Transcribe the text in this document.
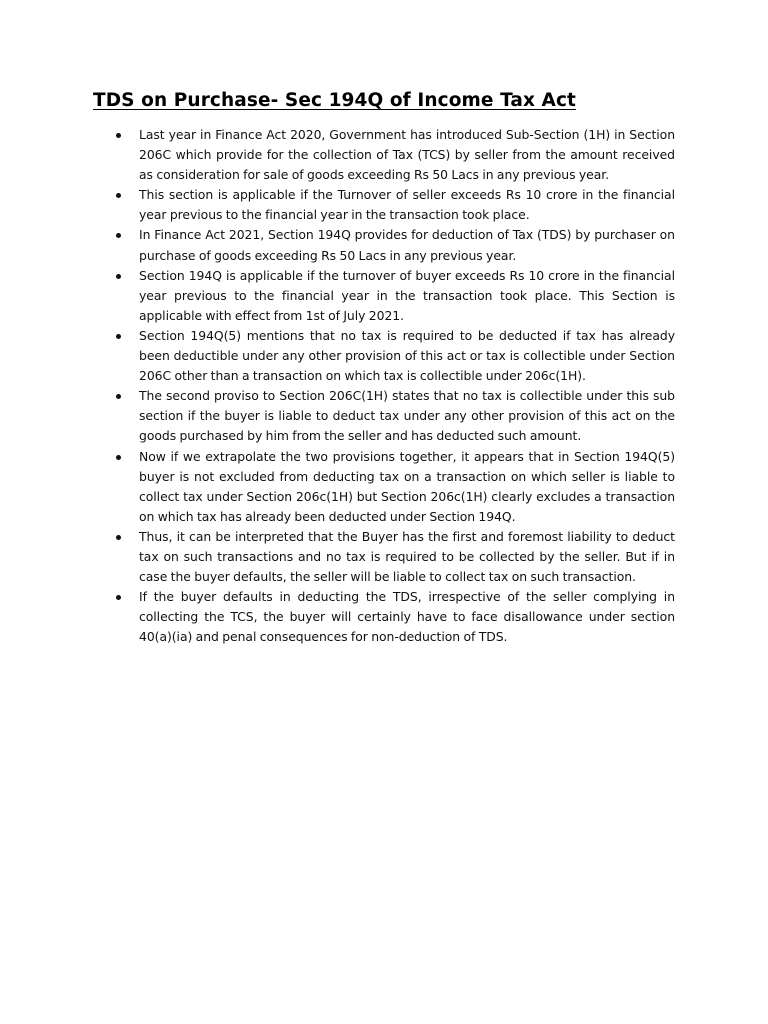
TDS on Purchase- Sec 194Q of Income Tax Act
Last year in Finance Act 2020, Government has introduced Sub-Section (1H) in Section 206C which provide for the collection of Tax (TCS) by seller from the amount received as consideration for sale of goods exceeding Rs 50 Lacs in any previous year.
This section is applicable if the Turnover of seller exceeds Rs 10 crore in the financial year previous to the financial year in the transaction took place.
In Finance Act 2021, Section 194Q provides for deduction of Tax (TDS) by purchaser on purchase of goods exceeding Rs 50 Lacs in any previous year.
Section 194Q is applicable if the turnover of buyer exceeds Rs 10 crore in the financial year previous to the financial year in the transaction took place. This Section is applicable with effect from 1st of July 2021.
Section 194Q(5) mentions that no tax is required to be deducted if tax has already been deductible under any other provision of this act or tax is collectible under Section 206C other than a transaction on which tax is collectible under 206c(1H).
The second proviso to Section 206C(1H) states that no tax is collectible under this sub section if the buyer is liable to deduct tax under any other provision of this act on the goods purchased by him from the seller and has deducted such amount.
Now if we extrapolate the two provisions together, it appears that in Section 194Q(5) buyer is not excluded from deducting tax on a transaction on which seller is liable to collect tax under Section 206c(1H) but Section 206c(1H) clearly excludes a transaction on which tax has already been deducted under Section 194Q.
Thus, it can be interpreted that the Buyer has the first and foremost liability to deduct tax on such transactions and no tax is required to be collected by the seller. But if in case the buyer defaults, the seller will be liable to collect tax on such transaction.
If the buyer defaults in deducting the TDS, irrespective of the seller complying in collecting the TCS, the buyer will certainly have to face disallowance under section 40(a)(ia) and penal consequences for non-deduction of TDS.
